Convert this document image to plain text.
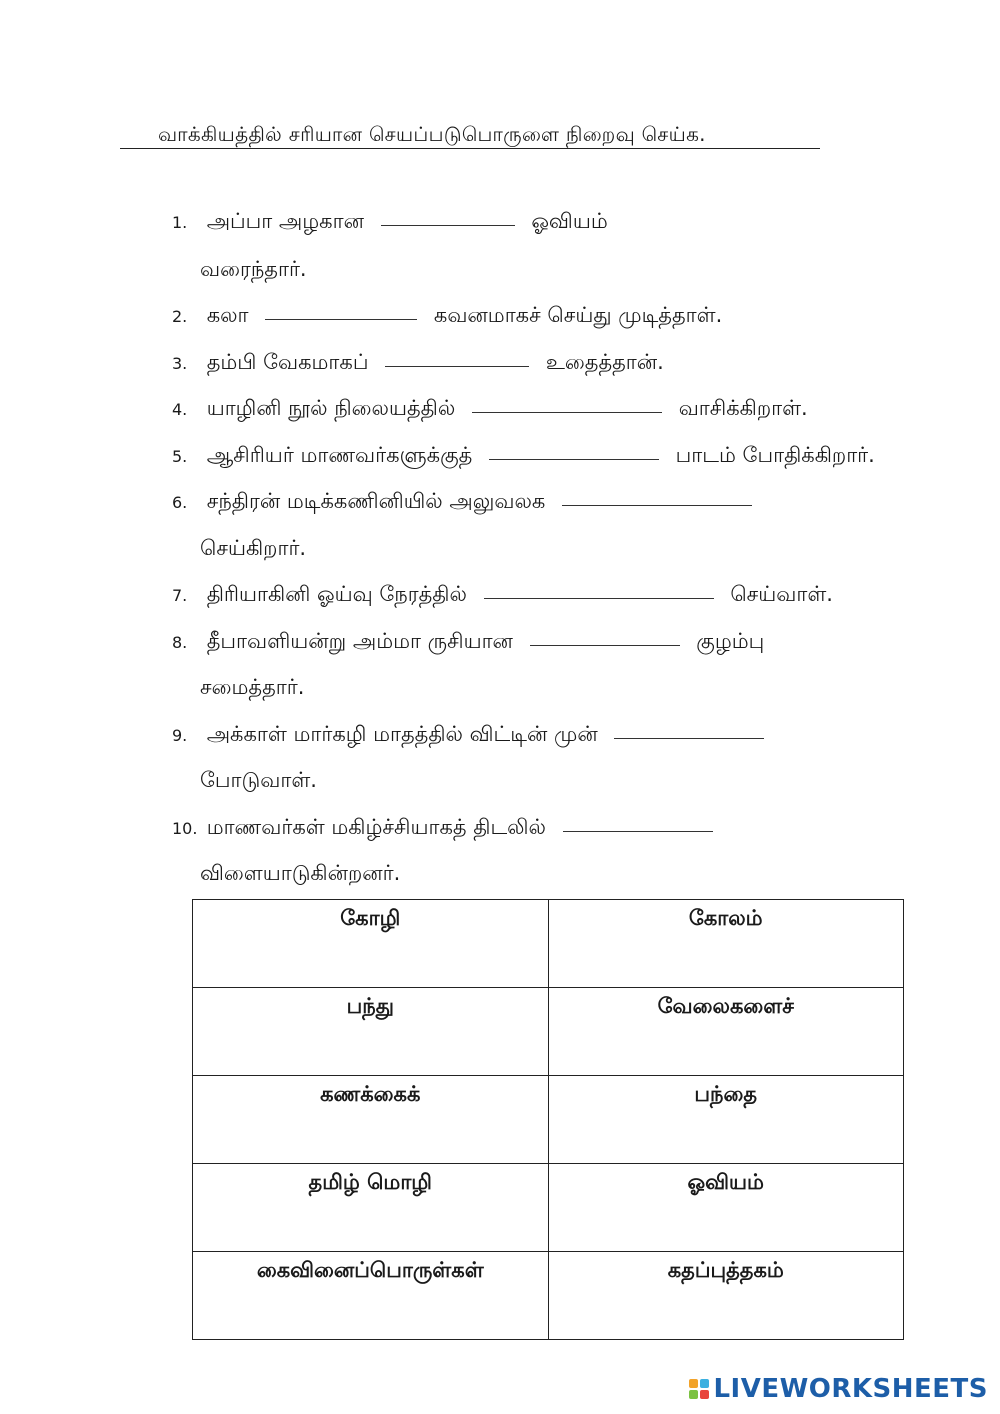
வாக்கியத்தில் சரியான செயப்படுபொருளை நிறைவு செய்க.
1. அப்பா அழகான	ஓவியம்
வரைந்தார்.
2. கலா	கவனமாகச் செய்து முடித்தாள்.
3. தம்பி வேகமாகப்	உதைத்தான்.
4. யாழினி நூல் நிலையத்தில்	வாசிக்கிறாள்.
5. ஆசிரியர் மாணவர்களுக்குத்	பாடம் போதிக்கிறார்.
6. சந்திரன் மடிக்கணினியில் அலுவலக
செய்கிறார்.
7. திரியாகினி ஓய்வு நேரத்தில்	செய்வாள்.
8. தீபாவளியன்று அம்மா ருசியான	குழம்பு
சமைத்தார்.
9. அக்காள் மார்கழி மாதத்தில் விட்டின் முன்
போடுவாள்.
10. மாணவர்கள் மகிழ்ச்சியாகத் திடலில்
விளையாடுகின்றனர்.
கோழி	கோலம்
பந்து	வேலைகளைச்
கணக்கைக்	பந்தை
தமிழ் மொழி	ஓவியம்
கைவினைப்பொருள்கள்	கதப்புத்தகம்
LIVEWORKSHEETS
